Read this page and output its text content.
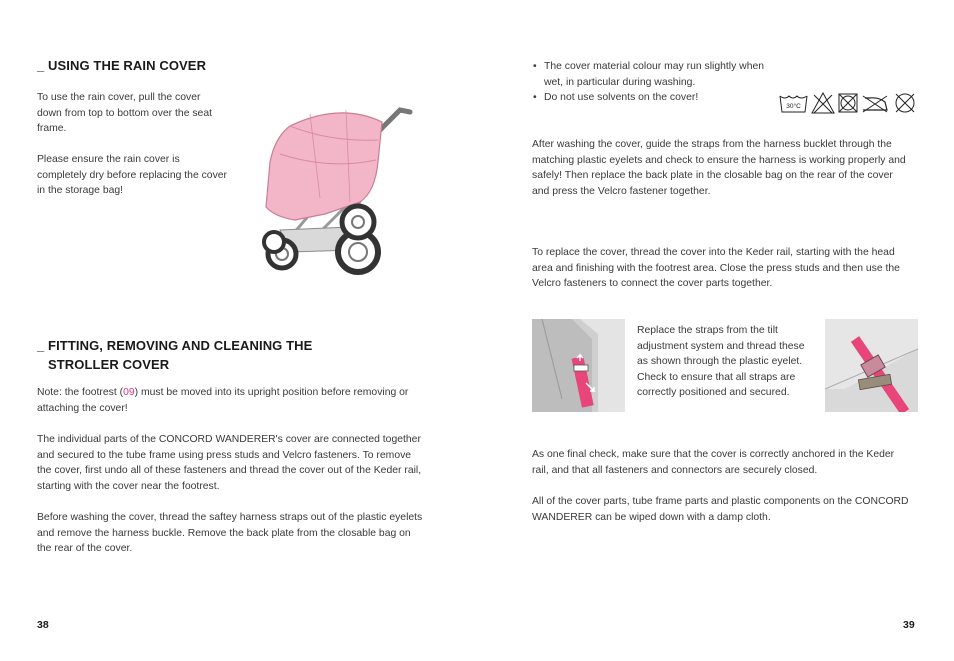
_ USING THE RAIN COVER

To use the rain cover, pull the cover down from top to bottom over the seat frame.

Please ensure the rain cover is completely dry before replacing the cover in the storage bag!

_ FITTING, REMOVING AND CLEANING THE
STROLLER COVER

Note: the footrest (09) must be moved into its upright position before removing or attaching the cover!

The individual parts of the CONCORD WANDERER's cover are connected together and secured to the tube frame using press studs and Velcro fasteners. To remove the cover, first undo all of these fasteners and thread the cover out of the Keder rail, starting with the cover near the footrest.

Before washing the cover, thread the saftey harness straps out of the plastic eyelets and remove the harness buckle. Remove the back plate from the closable bag on the rear of the cover.

38
• The cover material colour may run slightly when wet, in particular during washing.
• Do not use solvents on the cover!
30°C

After washing the cover, guide the straps from the harness bucklet through the matching plastic eyelets and check to ensure the harness is working properly and safely! Then replace the back plate in the closable bag on the rear of the cover and press the Velcro fastener together.

To replace the cover, thread the cover into the Keder rail, starting with the head area and finishing with the footrest area. Close the press studs and then use the Velcro fasteners to connect the cover parts together.

Replace the straps from the tilt adjustment system and thread these as shown through the plastic eyelet. Check to ensure that all straps are correctly positioned and secured.

As one final check, make sure that the cover is correctly anchored in the Keder rail, and that all fasteners and connectors are securely closed.

All of the cover parts, tube frame parts and plastic components on the CONCORD WANDERER can be wiped down with a damp cloth.

39
